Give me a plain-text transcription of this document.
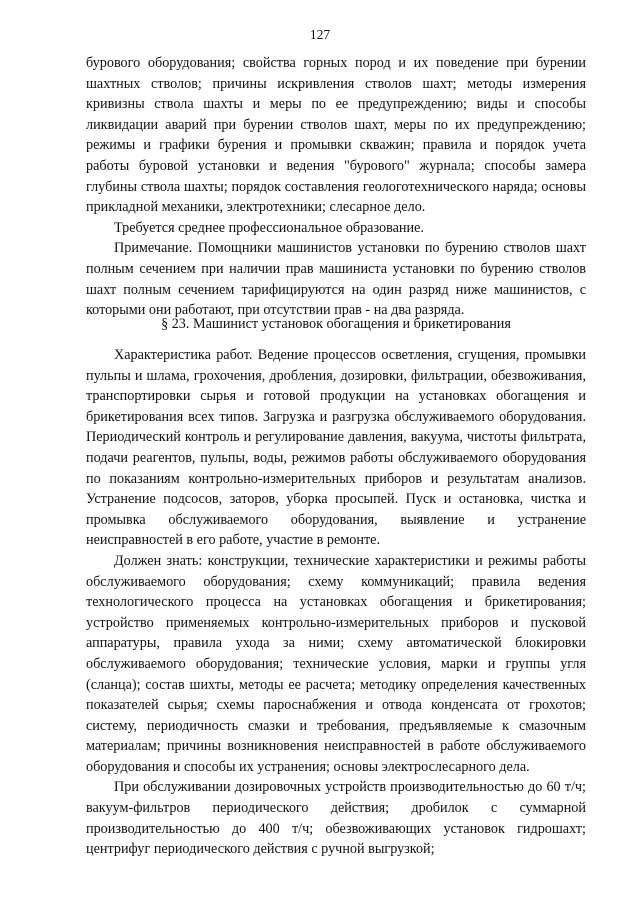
127

бурового оборудования; свойства горных пород и их поведение при бурении шахтных стволов; причины искривления стволов шахт; методы измерения кривизны ствола шахты и меры по ее предупреждению; виды и способы ликвидации аварий при бурении стволов шахт, меры по их предупреждению; режимы и графики бурения и промывки скважин; правила и порядок учета работы буровой установки и ведения "бурового" журнала; способы замера глубины ствола шахты; порядок составления геологотехнического наряда; основы прикладной механики, электротехники; слесарное дело.

Требуется среднее профессиональное образование.

Примечание. Помощники машинистов установки по бурению стволов шахт полным сечением при наличии прав машиниста установки по бурению стволов шахт полным сечением тарифицируются на один разряд ниже машинистов, с которыми они работают, при отсутствии прав - на два разряда.

§ 23. Машинист установок обогащения и брикетирования

Характеристика работ. Ведение процессов осветления, сгущения, промывки пульпы и шлама, грохочения, дробления, дозировки, фильтрации, обезвоживания, транспортировки сырья и готовой продукции на установках обогащения и брикетирования всех типов. Загрузка и разгрузка обслуживаемого оборудования. Периодический контроль и регулирование давления, вакуума, чистоты фильтрата, подачи реагентов, пульпы, воды, режимов работы обслуживаемого оборудования по показаниям контрольно-измерительных приборов и результатам анализов. Устранение подсосов, заторов, уборка просыпей. Пуск и остановка, чистка и промывка обслуживаемого оборудования, выявление и устранение неисправностей в его работе, участие в ремонте.

Должен знать: конструкции, технические характеристики и режимы работы обслуживаемого оборудования; схему коммуникаций; правила ведения технологического процесса на установках обогащения и брикетирования; устройство применяемых контрольно-измерительных приборов и пусковой аппаратуры, правила ухода за ними; схему автоматической блокировки обслуживаемого оборудования; технические условия, марки и группы угля (сланца); состав шихты, методы ее расчета; методику определения качественных показателей сырья; схемы пароснабжения и отвода конденсата от грохотов; систему, периодичность смазки и требования, предъявляемые к смазочным материалам; причины возникновения неисправностей в работе обслуживаемого оборудования и способы их устранения; основы электрослесарного дела.

При обслуживании дозировочных устройств производительностью до 60 т/ч; вакуум-фильтров периодического действия; дробилок с суммарной производительностью до 400 т/ч; обезвоживающих установок гидрошахт; центрифуг периодического действия с ручной выгрузкой;
